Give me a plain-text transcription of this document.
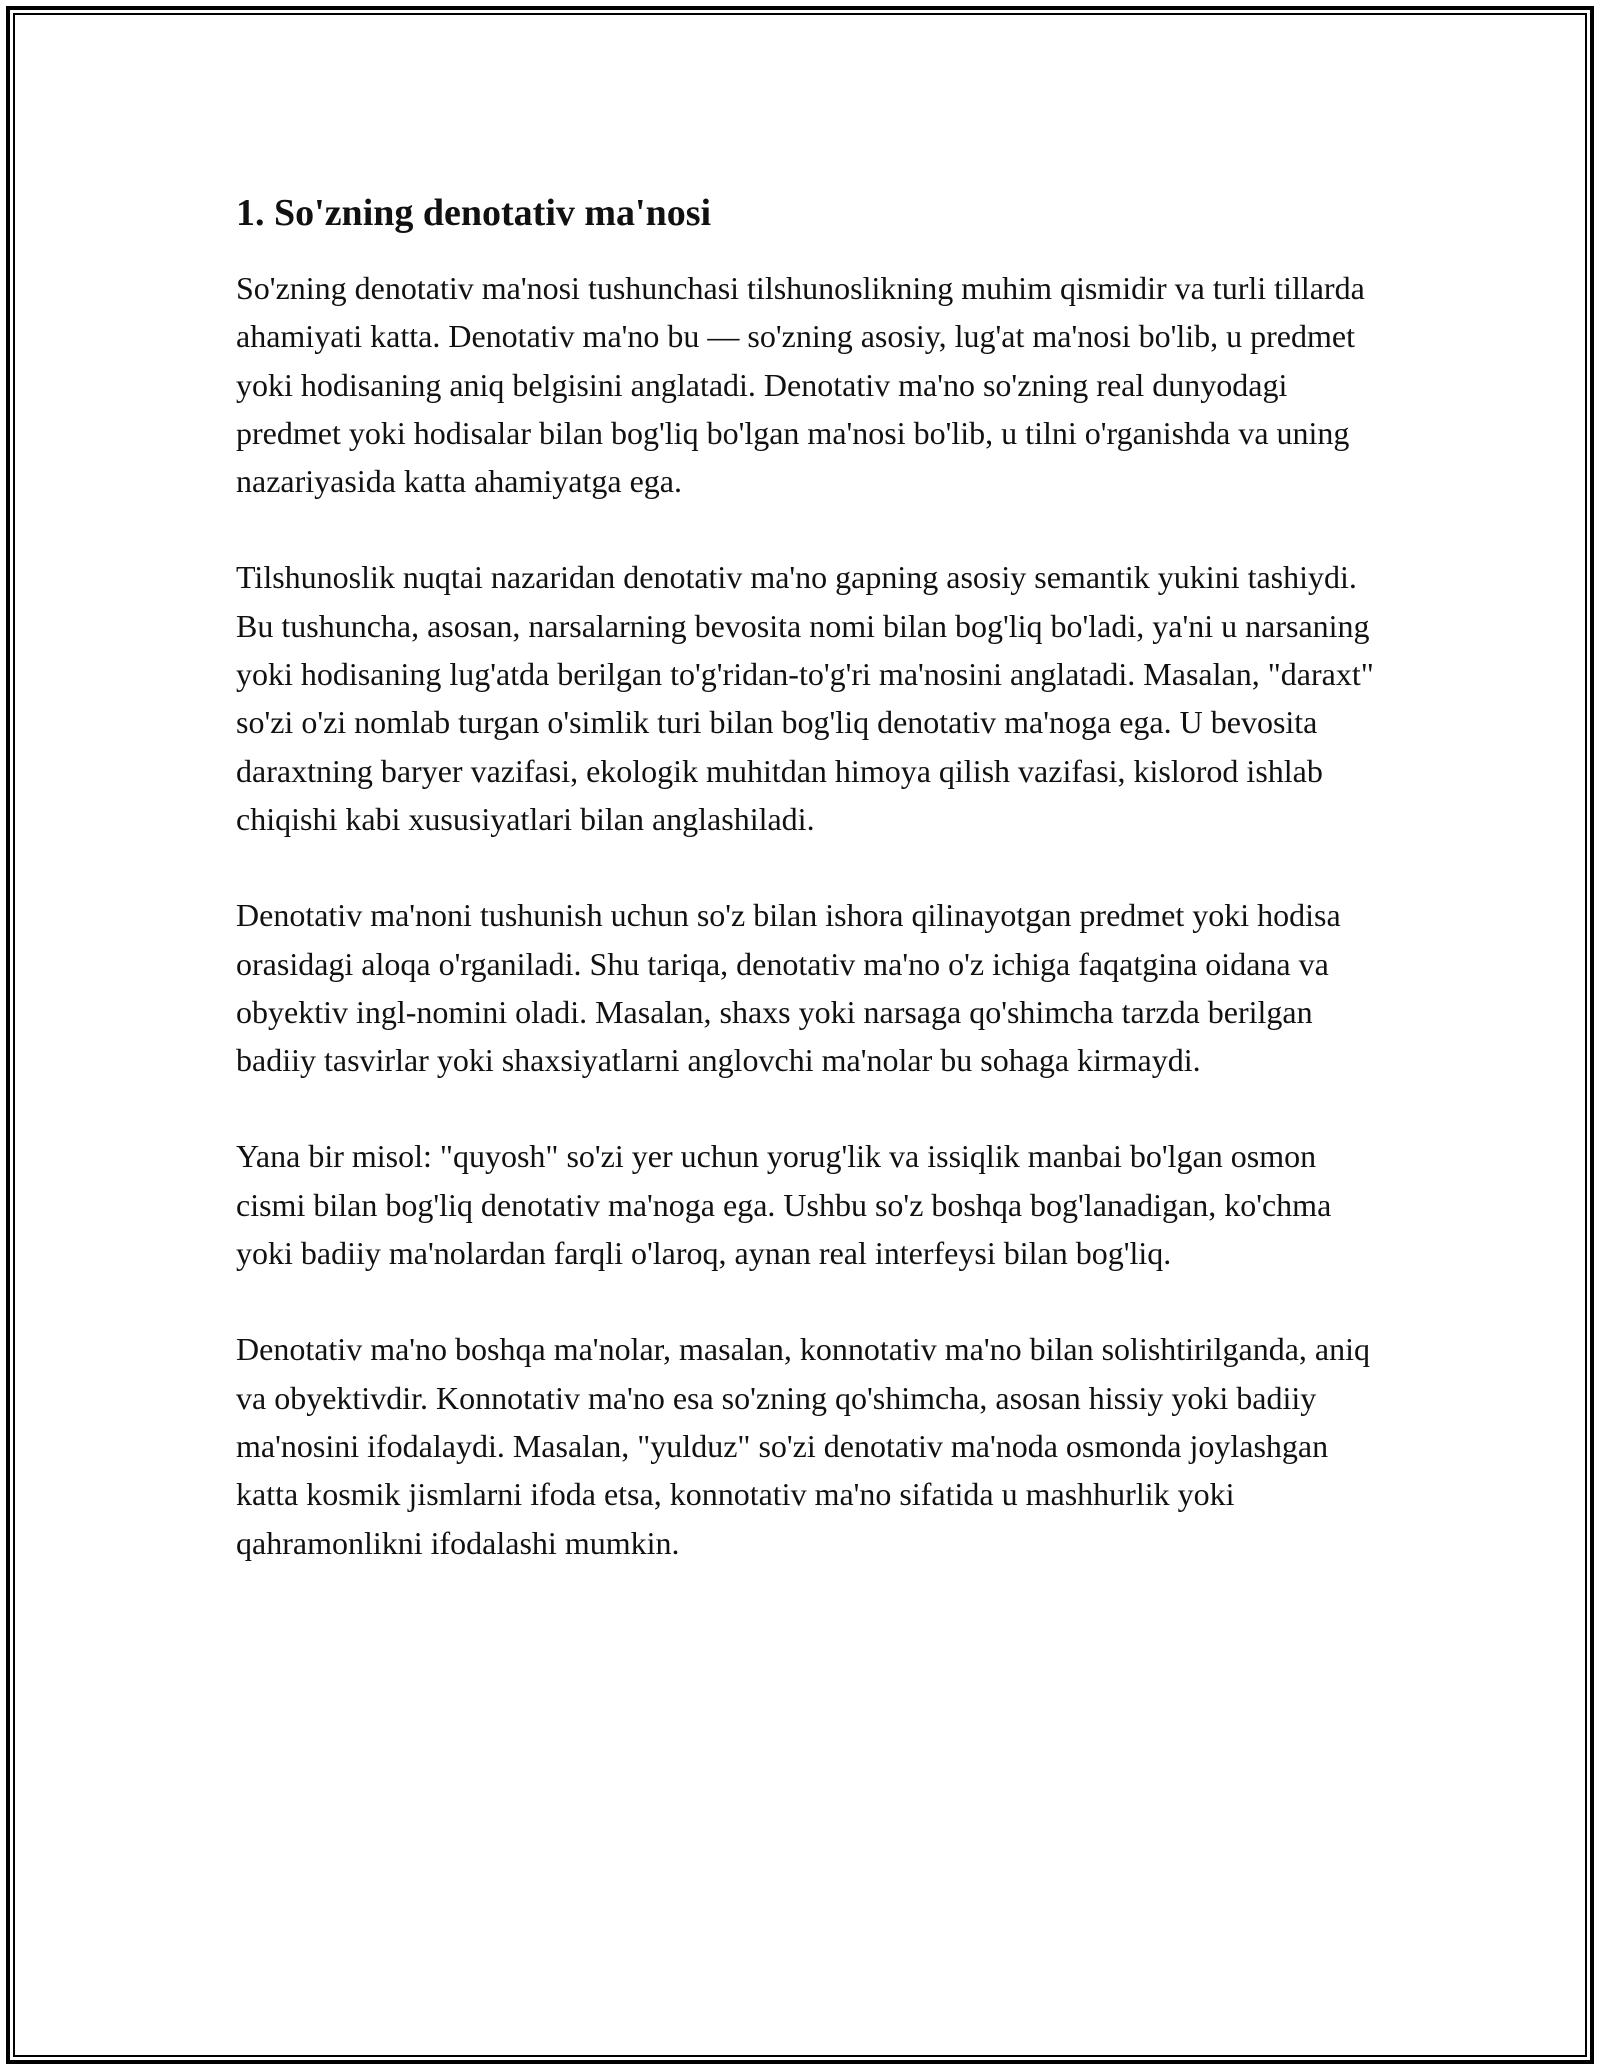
1. So'zning denotativ ma'nosi

So'zning denotativ ma'nosi tushunchasi tilshunoslikning muhim qismidir va turli tillarda ahamiyati katta. Denotativ ma'no bu — so'zning asosiy, lug'at ma'nosi bo'lib, u predmet yoki hodisaning aniq belgisini anglatadi. Denotativ ma'no so'zning real dunyodagi predmet yoki hodisalar bilan bog'liq bo'lgan ma'nosi bo'lib, u tilni o'rganishda va uning nazariyasida katta ahamiyatga ega.

Tilshunoslik nuqtai nazaridan denotativ ma'no gapning asosiy semantik yukini tashiydi. Bu tushuncha, asosan, narsalarning bevosita nomi bilan bog'liq bo'ladi, ya'ni u narsaning yoki hodisaning lug'atda berilgan to'g'ridan-to'g'ri ma'nosini anglatadi. Masalan, "daraxt" so'zi o'zi nomlab turgan o'simlik turi bilan bog'liq denotativ ma'noga ega. U bevosita daraxtning baryer vazifasi, ekologik muhitdan himoya qilish vazifasi, kislorod ishlab chiqishi kabi xususiyatlari bilan anglashiladi.

Denotativ ma'noni tushunish uchun so'z bilan ishora qilinayotgan predmet yoki hodisa orasidagi aloqa o'rganiladi. Shu tariqa, denotativ ma'no o'z ichiga faqatgina oidana va obyektiv ingl-nomini oladi. Masalan, shaxs yoki narsaga qo'shimcha tarzda berilgan badiiy tasvirlar yoki shaxsiyatlarni anglovchi ma'nolar bu sohaga kirmaydi.

Yana bir misol: "quyosh" so'zi yer uchun yorug'lik va issiqlik manbai bo'lgan osmon cismi bilan bog'liq denotativ ma'noga ega. Ushbu so'z boshqa bog'lanadigan, ko'chma yoki badiiy ma'nolardan farqli o'laroq, aynan real interfeysi bilan bog'liq.

Denotativ ma'no boshqa ma'nolar, masalan, konnotativ ma'no bilan solishtirilganda, aniq va obyektivdir. Konnotativ ma'no esa so'zning qo'shimcha, asosan hissiy yoki badiiy ma'nosini ifodalaydi. Masalan, "yulduz" so'zi denotativ ma'noda osmonda joylashgan katta kosmik jismlarni ifoda etsa, konnotativ ma'no sifatida u mashhurlik yoki qahramonlikni ifodalashi mumkin.
